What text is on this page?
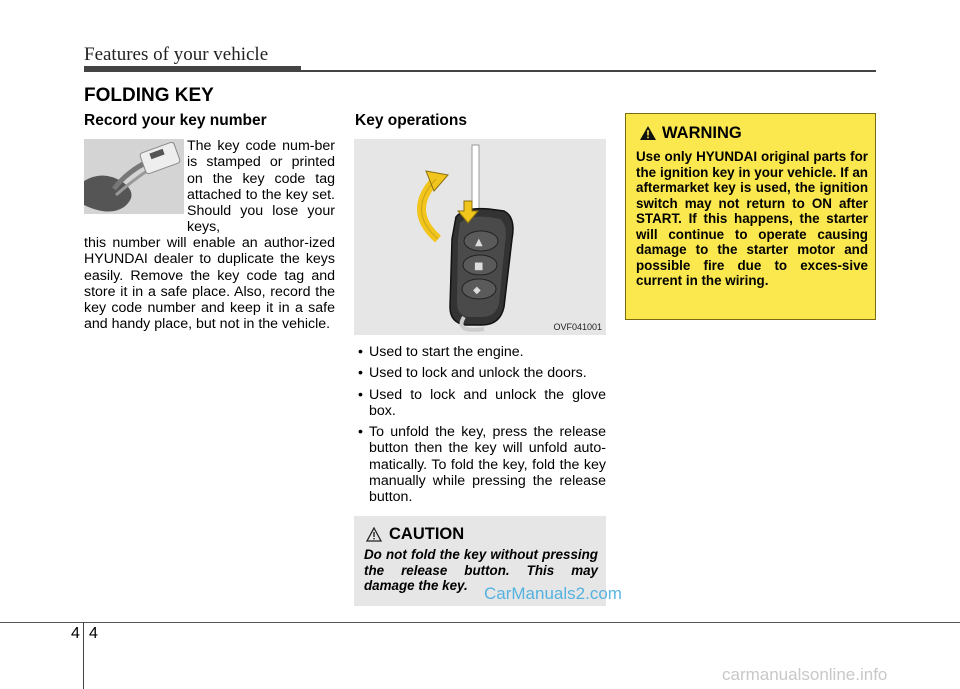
Features of your vehicle
FOLDING KEY
Record your key number
The key code num-ber is stamped or printed on the key code tag attached to the key set. Should you lose your keys,
this number will enable an author-ized HYUNDAI dealer to duplicate the keys easily. Remove the key code tag and store it in a safe place. Also, record the key code number and keep it in a safe and handy place, but not in the vehicle.
Key operations
▲
■
◆
OVF041001
• Used to start the engine.
• Used to lock and unlock the doors.
• Used to lock and unlock the glove box.
• To unfold the key, press the release button then the key will unfold auto-matically. To fold the key, fold the key manually while pressing the release button.
CAUTION
Do not fold the key without pressing the release button. This may damage the key.
WARNING
Use only HYUNDAI original parts for the ignition key in your vehicle. If an aftermarket key is used, the ignition switch may not return to ON after START. If this happens, the starter will continue to operate causing damage to the starter motor and possible fire due to exces-sive current in the wiring.
CarManuals2.com
4 4
carmanualsonline.info
